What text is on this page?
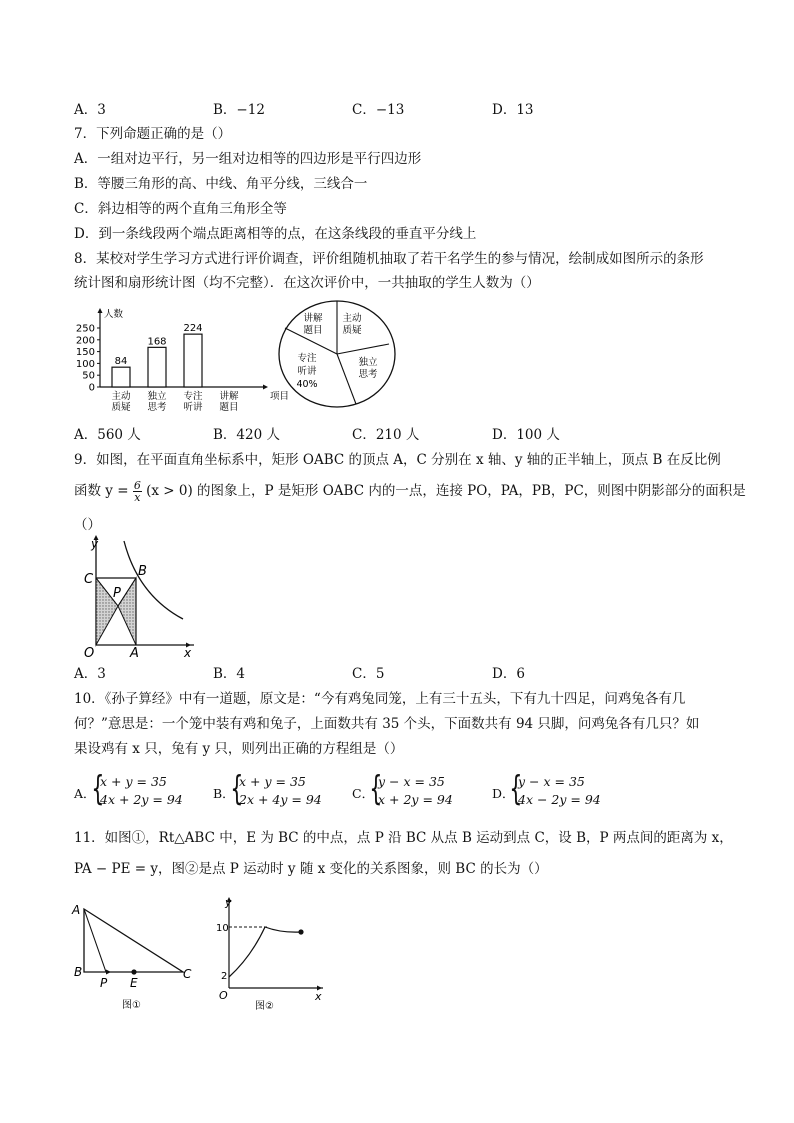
A．3	B．−12	C．−13	D．13
7．下列命题正确的是（）
A．一组对边平行，另一组对边相等的四边形是平行四边形
B．等腰三角形的高、中线、角平分线，三线合一
C．斜边相等的两个直角三角形全等
D．到一条线段两个端点距离相等的点，在这条线段的垂直平分线上
8．某校对学生学习方式进行评价调查，评价组随机抽取了若干名学生的参与情况，绘制成如图所示的条形
统计图和扇形统计图（均不完整）．在这次评价中，一共抽取的学生人数为（）
人数
项目
0
50
100
150
200
250
84
168
224
主动
质疑
独立
思考
专注
听讲
讲解
题目
讲解
题目
主动
质疑
独立
思考
专注
听讲
40%
A．560 人	B．420 人	C．210 人	D．100 人
9．如图，在平面直角坐标系中，矩形 OABC 的顶点 A，C 分别在 x 轴、y 轴的正半轴上，顶点 B 在反比例
函数 $y = \frac{6}{x} (x > 0)$ 的图象上，P 是矩形 OABC 内的一点，连接 PO，PA，PB，PC，则图中阴影部分的面积是
（）
y
x
C
B
P
O	A
A．3	B．4	C．5	D．6
10．《孙子算经》中有一道题，原文是：“今有鸡兔同笼，上有三十五头，下有九十四足，问鸡兔各有几
何？”意思是：一个笼中装有鸡和兔子，上面数共有 35 个头，下面数共有 94 只脚，问鸡兔各有几只？如
果设鸡有 x 只，兔有 y 只，则列出正确的方程组是（）
A．
{
x + y = 35
4x + 2y = 94 B．
{
x + y = 35
2x + 4y = 94 C．
{
y − x = 35
x + 2y = 94	D．
{
y − x = 35
4x − 2y = 94
11．如图①，Rt△ABC 中，E 为 BC 的中点，点 P 沿 BC 从点 B 运动到点 C，设 B，P 两点间的距离为 x，
PA − PE = y，图②是点 P 运动时 y 随 x 变化的关系图象，则 BC 的长为（）
A
B
P E
C
图①
y
x
O
10
2
图②
